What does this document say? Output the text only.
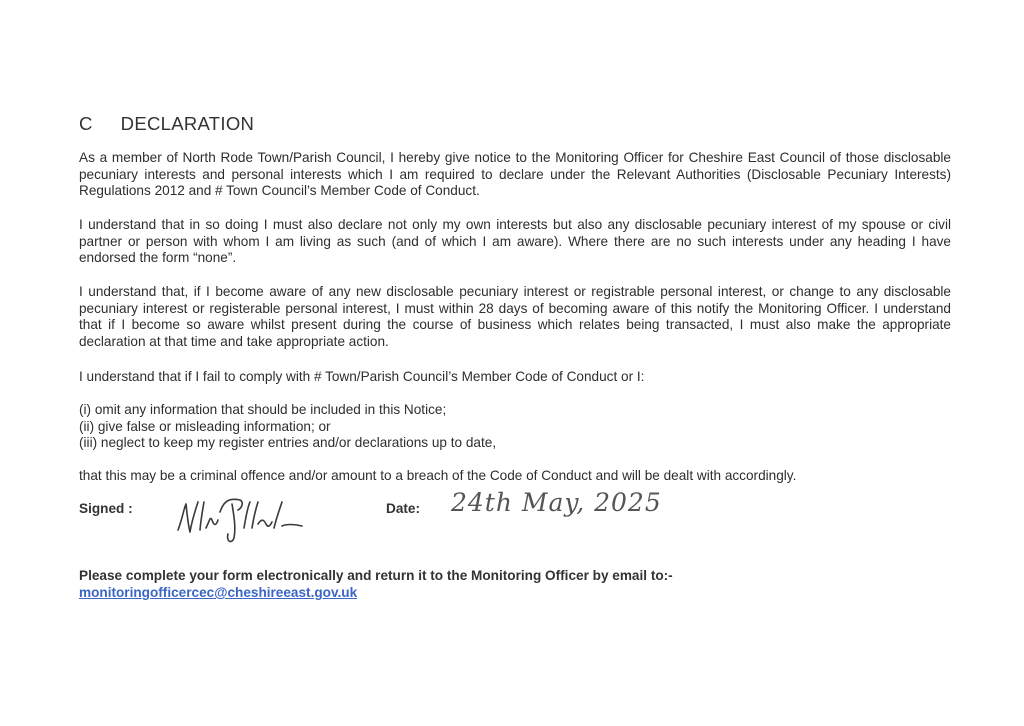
C DECLARATION

As a member of North Rode Town/Parish Council, I hereby give notice to the Monitoring Officer for Cheshire East Council of those disclosable pecuniary interests and personal interests which I am required to declare under the Relevant Authorities (Disclosable Pecuniary Interests) Regulations 2012 and # Town Council’s Member Code of Conduct.

I understand that in so doing I must also declare not only my own interests but also any disclosable pecuniary interest of my spouse or civil partner or person with whom I am living as such (and of which I am aware). Where there are no such interests under any heading I have endorsed the form “none”.

I understand that, if I become aware of any new disclosable pecuniary interest or registrable personal interest, or change to any disclosable pecuniary interest or registerable personal interest, I must within 28 days of becoming aware of this notify the Monitoring Officer. I understand that if I become so aware whilst present during the course of business which relates being transacted, I must also make the appropriate declaration at that time and take appropriate action.

I understand that if I fail to comply with # Town/Parish Council’s Member Code of Conduct or I:

(i) omit any information that should be included in this Notice;
(ii) give false or misleading information; or
(iii) neglect to keep my register entries and/or declarations up to date,

that this may be a criminal offence and/or amount to a breach of the Code of Conduct and will be dealt with accordingly.

Signed :	Date: 24th May, 2025
Please complete your form electronically and return it to the Monitoring Officer by email to:-
monitoringofficercec@cheshireeast.gov.uk
